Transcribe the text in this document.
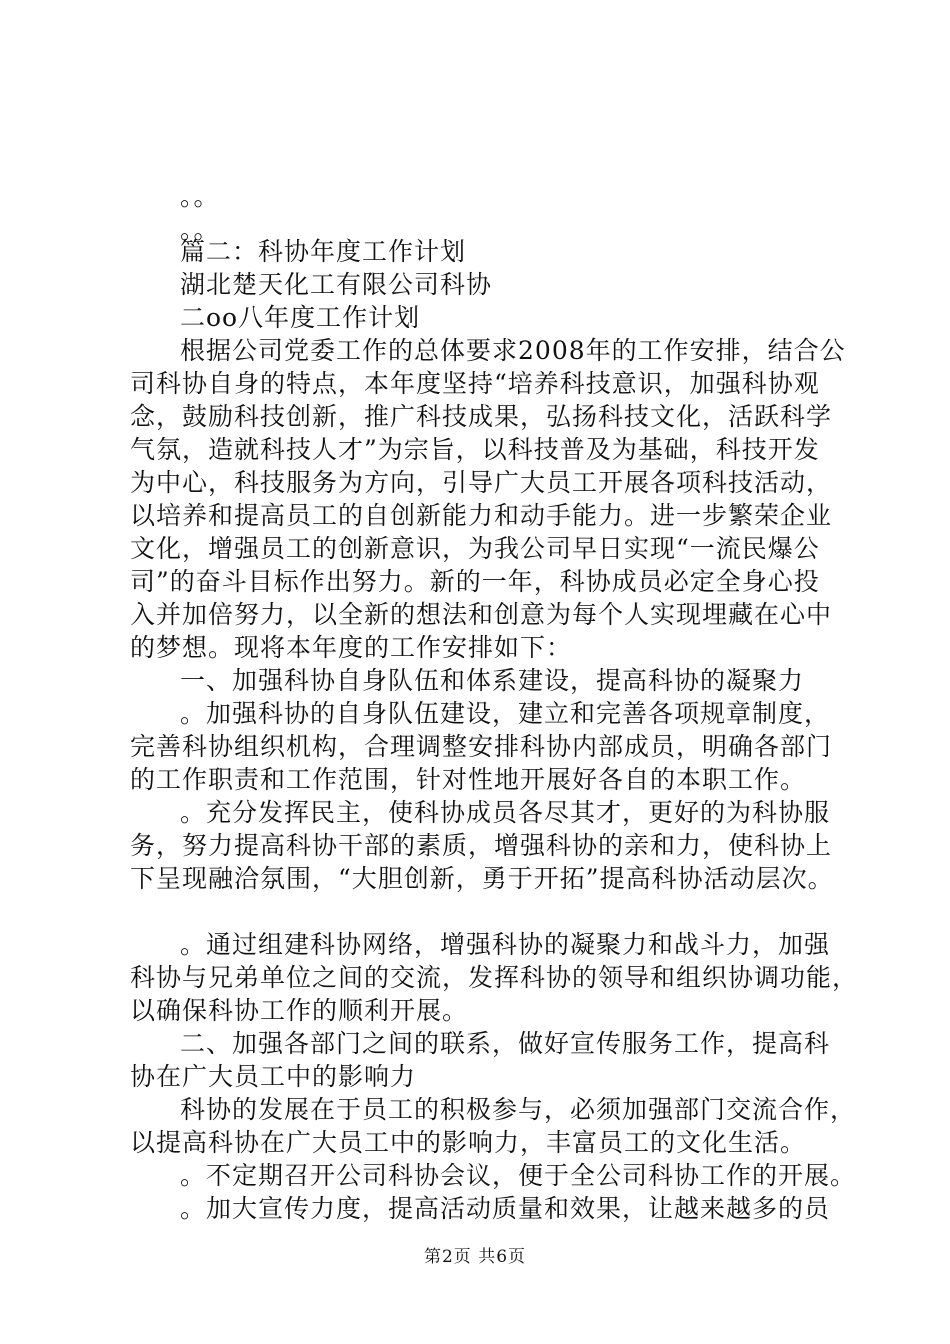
。。
。。
篇二：科协年度工作计划
湖北楚天化工有限公司科协
二oo八年度工作计划
根据公司党委工作的总体要求2008年的工作安排，结合公
司科协自身的特点，本年度坚持“培养科技意识，加强科协观
念，鼓励科技创新，推广科技成果，弘扬科技文化，活跃科学
气氛，造就科技人才”为宗旨，以科技普及为基础，科技开发
为中心，科技服务为方向，引导广大员工开展各项科技活动，
以培养和提高员工的自创新能力和动手能力。进一步繁荣企业
文化，增强员工的创新意识，为我公司早日实现“一流民爆公
司”的奋斗目标作出努力。新的一年，科协成员必定全身心投
入并加倍努力，以全新的想法和创意为每个人实现埋藏在心中
的梦想。现将本年度的工作安排如下：
一、加强科协自身队伍和体系建设，提高科协的凝聚力
。加强科协的自身队伍建设，建立和完善各项规章制度，
完善科协组织机构，合理调整安排科协内部成员，明确各部门
的工作职责和工作范围，针对性地开展好各自的本职工作。
。充分发挥民主，使科协成员各尽其才，更好的为科协服
务，努力提高科协干部的素质，增强科协的亲和力，使科协上
下呈现融洽氛围，“大胆创新，勇于开拓”提高科协活动层次。
。通过组建科协网络，增强科协的凝聚力和战斗力，加强
科协与兄弟单位之间的交流，发挥科协的领导和组织协调功能，
以确保科协工作的顺利开展。
二、加强各部门之间的联系，做好宣传服务工作，提高科
协在广大员工中的影响力
科协的发展在于员工的积极参与，必须加强部门交流合作，
以提高科协在广大员工中的影响力，丰富员工的文化生活。
。不定期召开公司科协会议，便于全公司科协工作的开展。
。加大宣传力度，提高活动质量和效果，让越来越多的员
第2页 共6页
